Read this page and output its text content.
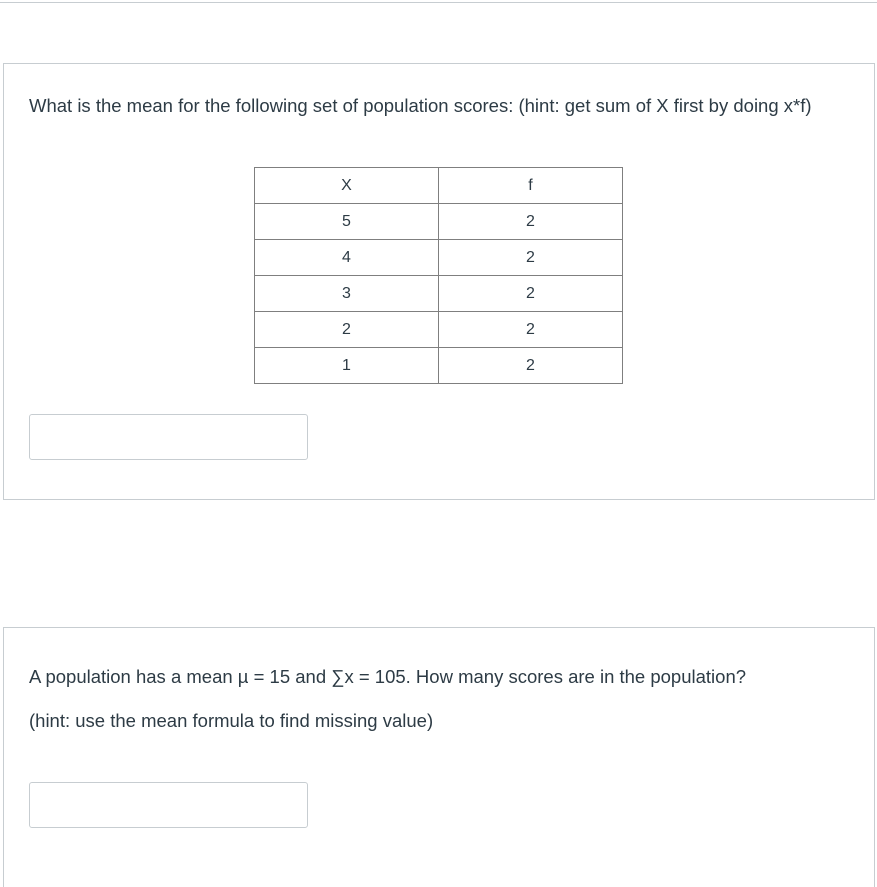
What is the mean for the following set of population scores: (hint: get sum of X first by doing x*f)

X	f
5	2
4	2
3	2
2	2
1	2

A population has a mean µ = 15 and ∑x = 105. How many scores are in the population?

(hint: use the mean formula to find missing value)
